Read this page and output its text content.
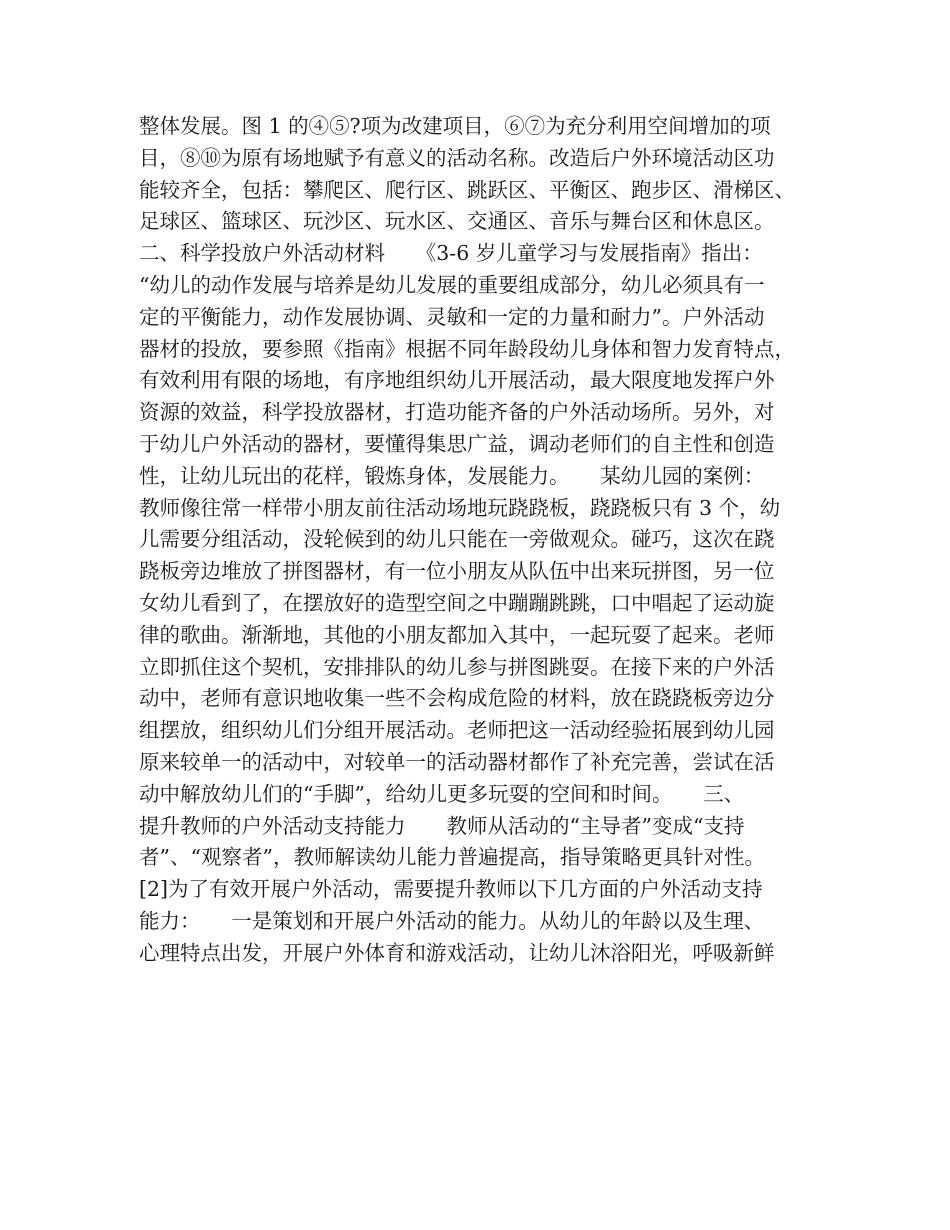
整体发展。图 1 的④⑤?项为改建项目，⑥⑦为充分利用空间增加的项
目，⑧⑩为原有场地赋予有意义的活动名称。改造后户外环境活动区功
能较齐全，包括：攀爬区、爬行区、跳跃区、平衡区、跑步区、滑梯区、
足球区、篮球区、玩沙区、玩水区、交通区、音乐与舞台区和休息区。
二、科学投放户外活动材料　　《3-6 岁儿童学习与发展指南》指出：
“幼儿的动作发展与培养是幼儿发展的重要组成部分，幼儿必须具有一
定的平衡能力，动作发展协调、灵敏和一定的力量和耐力”。户外活动
器材的投放，要参照《指南》根据不同年龄段幼儿身体和智力发育特点，
有效利用有限的场地，有序地组织幼儿开展活动，最大限度地发挥户外
资源的效益，科学投放器材，打造功能齐备的户外活动场所。另外，对
于幼儿户外活动的器材，要懂得集思广益，调动老师们的自主性和创造
性，让幼儿玩出的花样，锻炼身体，发展能力。　　某幼儿园的案例：
教师像往常一样带小朋友前往活动场地玩跷跷板，跷跷板只有 3 个，幼
儿需要分组活动，没轮候到的幼儿只能在一旁做观众。碰巧，这次在跷
跷板旁边堆放了拼图器材，有一位小朋友从队伍中出来玩拼图，另一位
女幼儿看到了，在摆放好的造型空间之中蹦蹦跳跳，口中唱起了运动旋
律的歌曲。渐渐地，其他的小朋友都加入其中，一起玩耍了起来。老师
立即抓住这个契机，安排排队的幼儿参与拼图跳耍。在接下来的户外活
动中，老师有意识地收集一些不会构成危险的材料，放在跷跷板旁边分
组摆放，组织幼儿们分组开展活动。老师把这一活动经验拓展到幼儿园
原来较单一的活动中，对较单一的活动器材都作了补充完善，尝试在活
动中解放幼儿们的“手脚”，给幼儿更多玩耍的空间和时间。　　三、
提升教师的户外活动支持能力　　教师从活动的“主导者”变成“支持
者”、“观察者”，教师解读幼儿能力普遍提高，指导策略更具针对性。
[2]为了有效开展户外活动，需要提升教师以下几方面的户外活动支持
能力：　　一是策划和开展户外活动的能力。从幼儿的年龄以及生理、
心理特点出发，开展户外体育和游戏活动，让幼儿沐浴阳光，呼吸新鲜
